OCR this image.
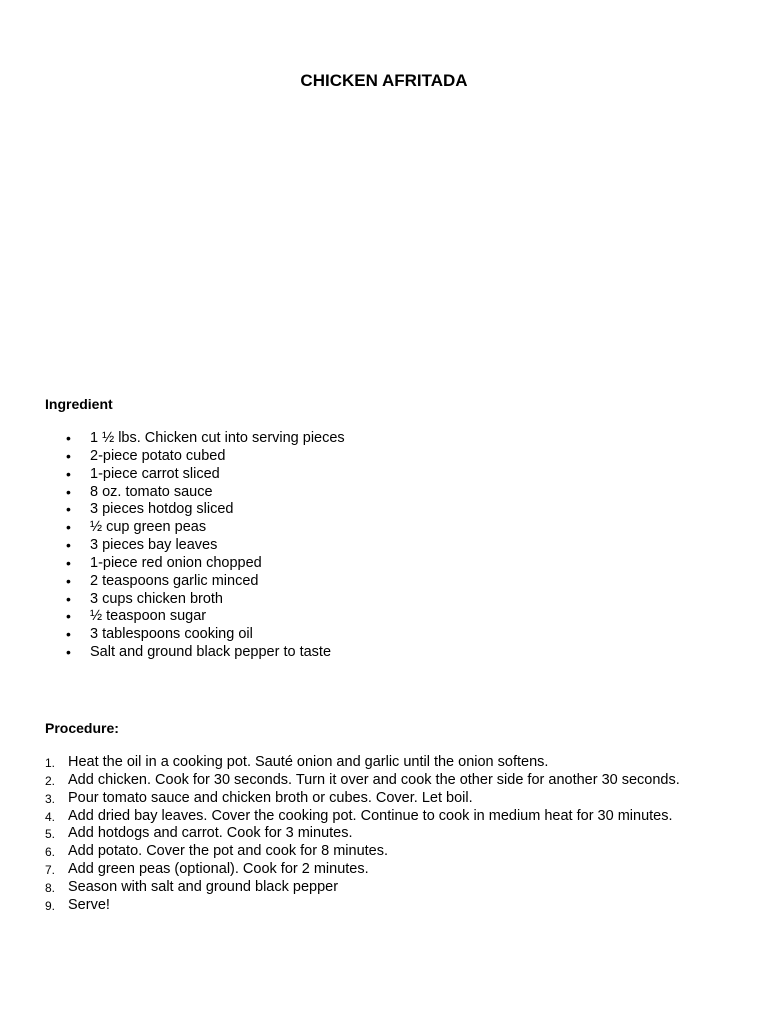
CHICKEN AFRITADA
Ingredient
• 1 ½ lbs. Chicken cut into serving pieces
• 2-piece potato cubed
• 1-piece carrot sliced
• 8 oz. tomato sauce
• 3 pieces hotdog sliced
• ½ cup green peas
• 3 pieces bay leaves
• 1-piece red onion chopped
• 2 teaspoons garlic minced
• 3 cups chicken broth
• ½ teaspoon sugar
• 3 tablespoons cooking oil
• Salt and ground black pepper to taste
Procedure:
1. Heat the oil in a cooking pot. Sauté onion and garlic until the onion softens.
2. Add chicken. Cook for 30 seconds. Turn it over and cook the other side for another 30 seconds.
3. Pour tomato sauce and chicken broth or cubes. Cover. Let boil.
4. Add dried bay leaves. Cover the cooking pot. Continue to cook in medium heat for 30 minutes.
5. Add hotdogs and carrot. Cook for 3 minutes.
6. Add potato. Cover the pot and cook for 8 minutes.
7. Add green peas (optional). Cook for 2 minutes.
8. Season with salt and ground black pepper
9. Serve!
